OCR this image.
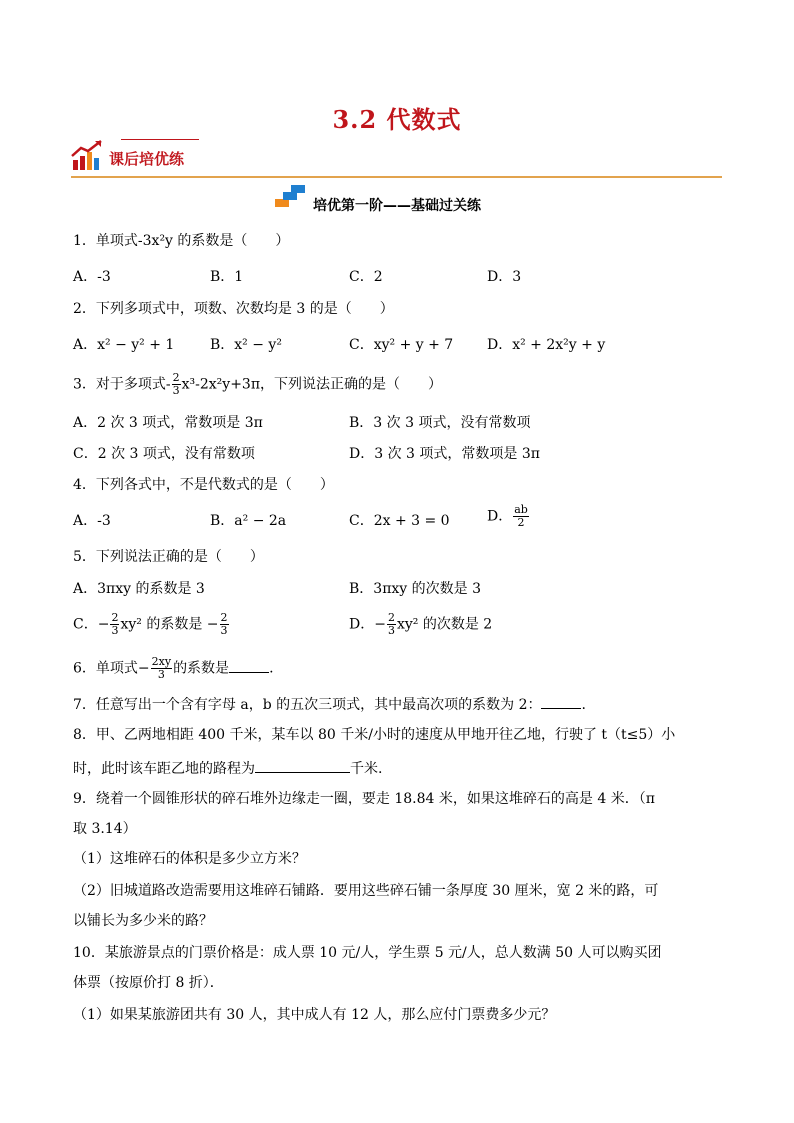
3.2 代数式
课后培优练
培优第一阶——基础过关练
1．单项式-3x²y 的系数是（　　）
A．-3	B．1	C．2	D．3
2．下列多项式中，项数、次数均是 3 的是（　　）
A．x² − y² + 1	B．x² − y²	C．xy² + y + 7 D．x² + 2x²y + y
3．对于多项式- $\frac{2}{3} x^3-2x^2y+3\pi$，下列说法正确的是（　　）
A．2 次 3 项式，常数项是 3π	B．3 次 3 项式，没有常数项
C．2 次 3 项式，没有常数项	D．3 次 3 项式，常数项是 3π
4．下列各式中，不是代数式的是（　　）
A．-3	B．a² − 2a	C．2x + 3 = 0	D． $\frac{ab}{2}$
5．下列说法正确的是（　　）
A．3πxy 的系数是 3	B．3πxy 的次数是 3
C．− $\frac{2}{3} xy^2$ 的系数是 − $\frac{2}{3}$	D．− $\frac{2}{3} xy^2$ 的次数是 2
6．单项式− $\frac{2xy}{3}$ 的系数是	.
7．任意写出一个含有字母 a，b 的五次三项式，其中最高次项的系数为 2：	.
8．甲、乙两地相距 400 千米，某车以 80 千米/小时的速度从甲地开往乙地，行驶了 t（t≤5）小
时，此时该车距乙地的路程为	千米.
9．绕着一个圆锥形状的碎石堆外边缘走一圈，要走 18.84 米，如果这堆碎石的高是 4 米．（π
取 3.14）
（1）这堆碎石的体积是多少立方米？
（2）旧城道路改造需要用这堆碎石铺路．要用这些碎石铺一条厚度 30 厘米，宽 2 米的路，可
以铺长为多少米的路？
10．某旅游景点的门票价格是：成人票 10 元/人，学生票 5 元/人，总人数满 50 人可以购买团
体票（按原价打 8 折）．
（1）如果某旅游团共有 30 人，其中成人有 12 人，那么应付门票费多少元？
